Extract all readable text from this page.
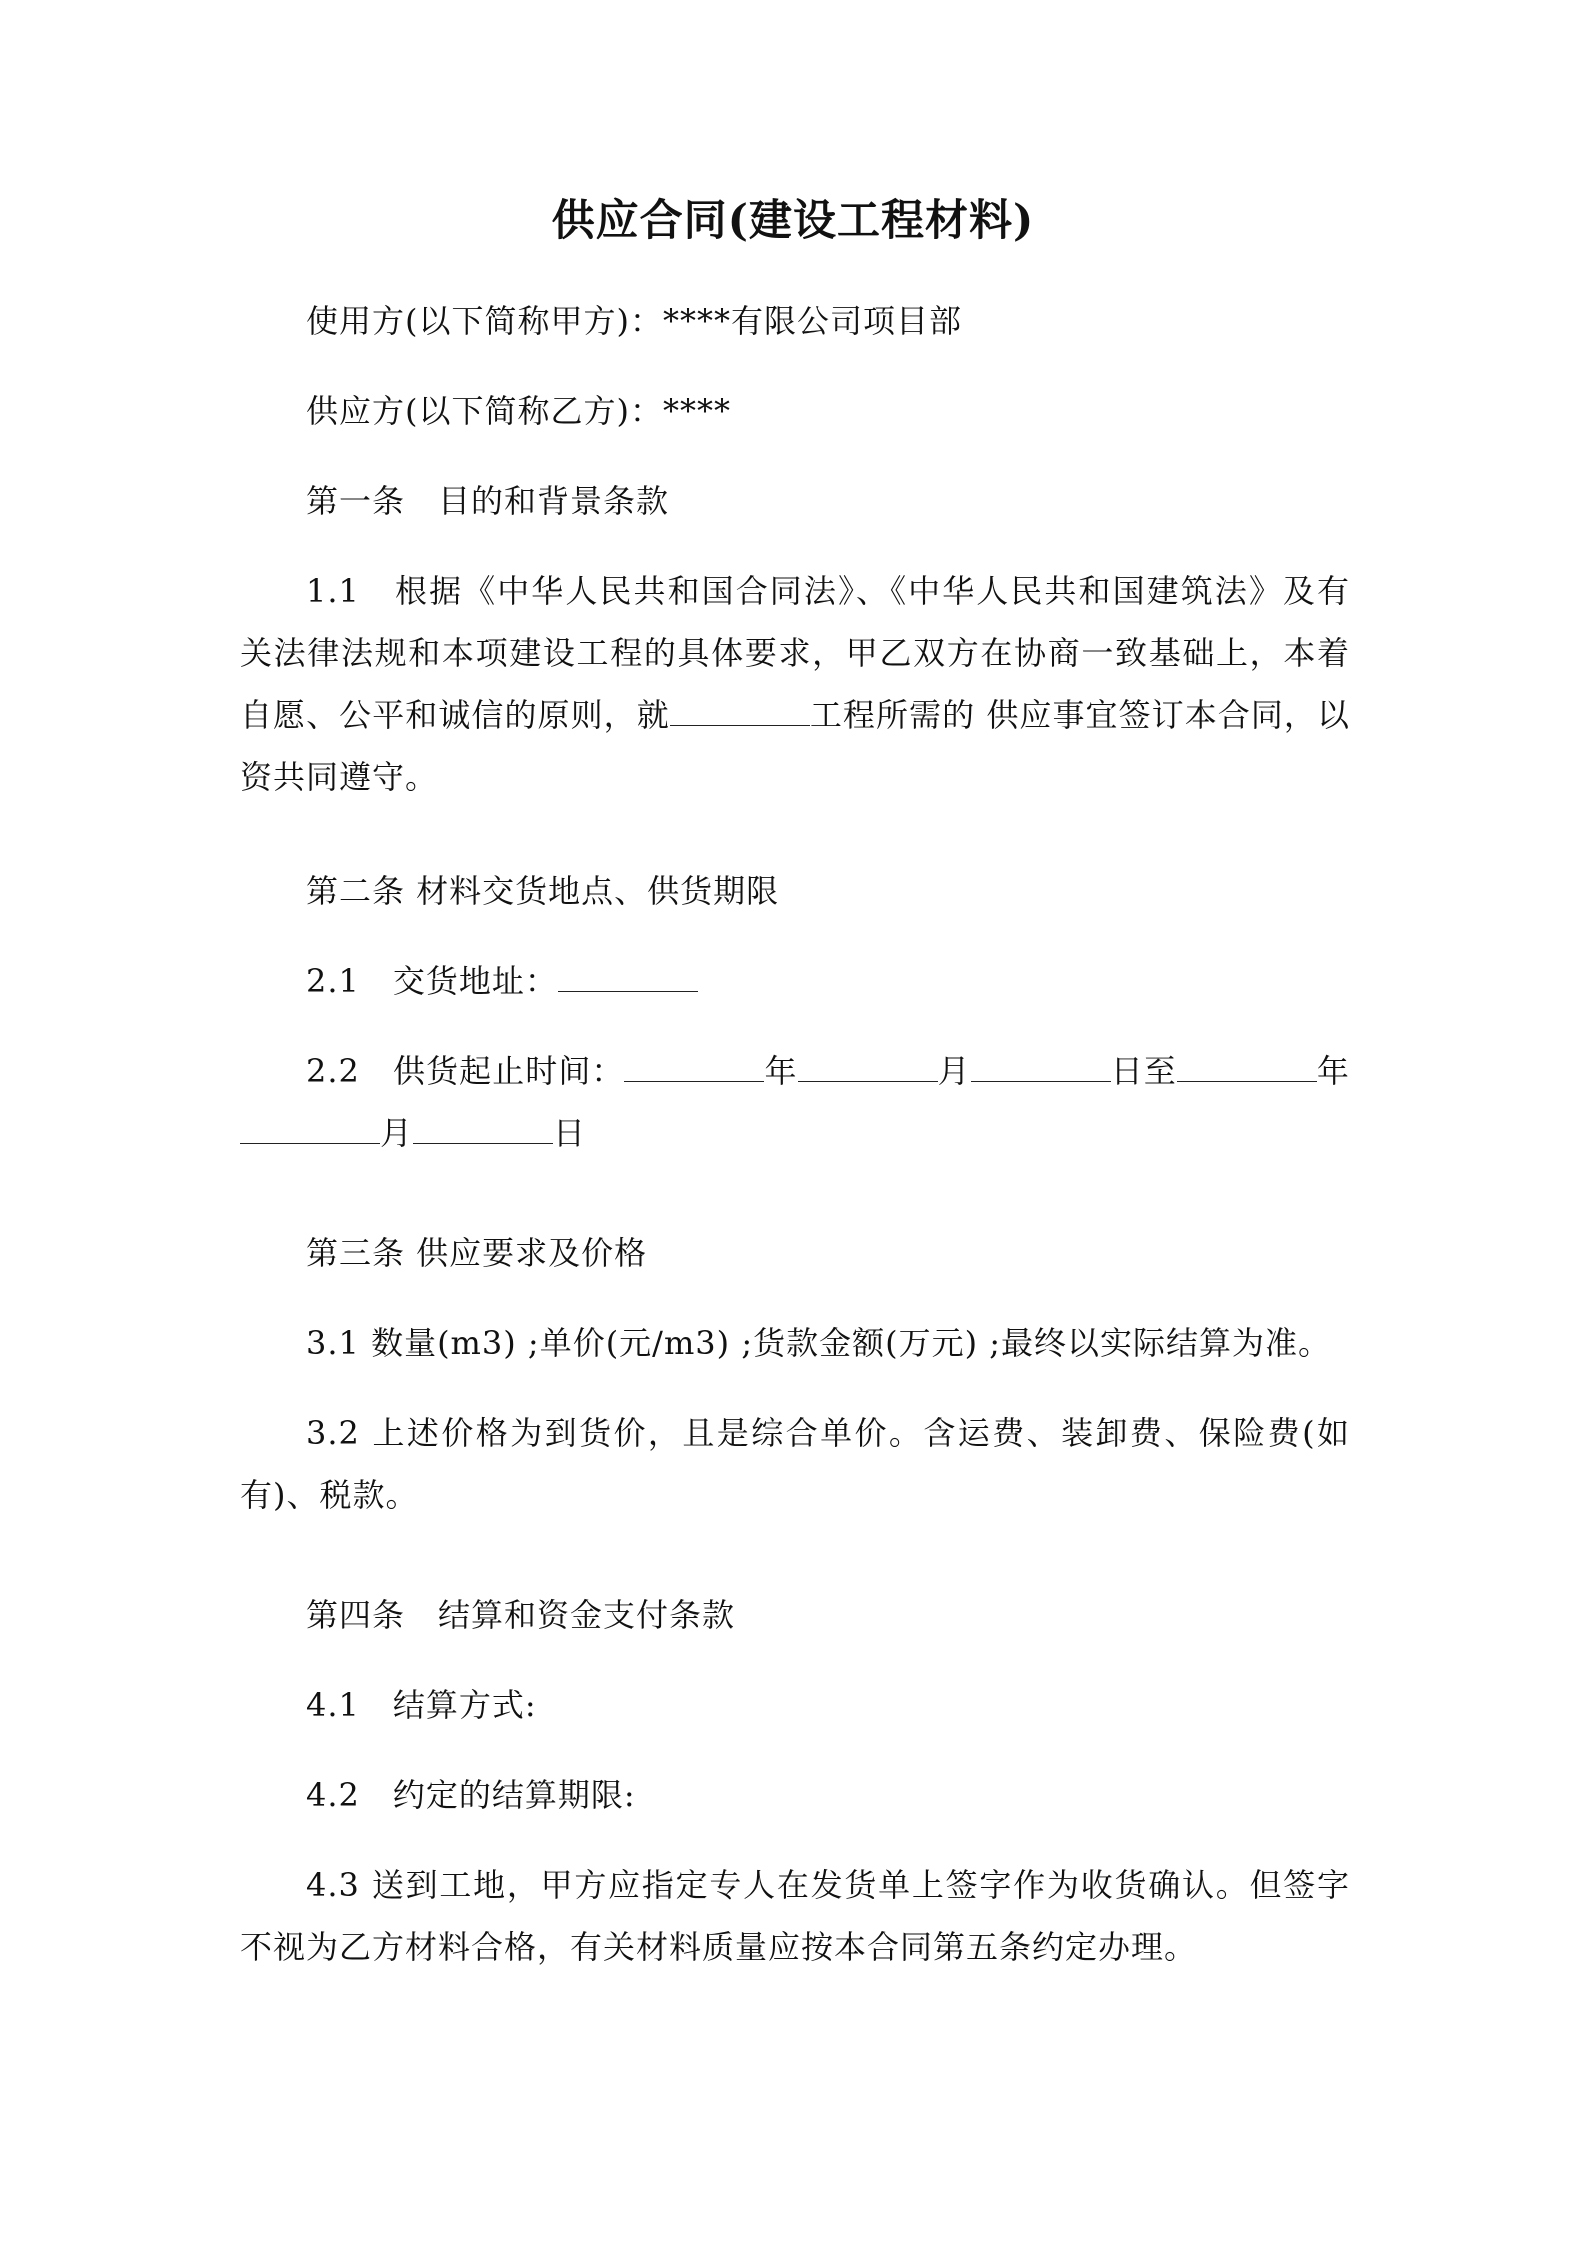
供应合同(建设工程材料)
使用方(以下简称甲方)：****有限公司项目部
供应方(以下简称乙方)：****
第一条　目的和背景条款
1.1　根据《中华人民共和国合同法》、《中华人民共和国建筑法》及有关法律法规和本项建设工程的具体要求，甲乙双方在协商一致基础上，本着自愿、公平和诚信的原则，就	工程所需的 供应事宜签订本合同，以资共同遵守。
第二条 材料交货地点、供货期限
2.1　交货地址：
2.2　供货起止时间：	年	月	日至	年月	日
第三条 供应要求及价格
3.1 数量(m3) ;单价(元/m3) ;货款金额(万元) ;最终以实际结算为准。
3.2 上述价格为到货价，且是综合单价。含运费、装卸费、保险费(如有)、税款。
第四条　结算和资金支付条款
4.1　结算方式:
4.2　约定的结算期限:
4.3 送到工地，甲方应指定专人在发货单上签字作为收货确认。但签字不视为乙方材料合格，有关材料质量应按本合同第五条约定办理。
